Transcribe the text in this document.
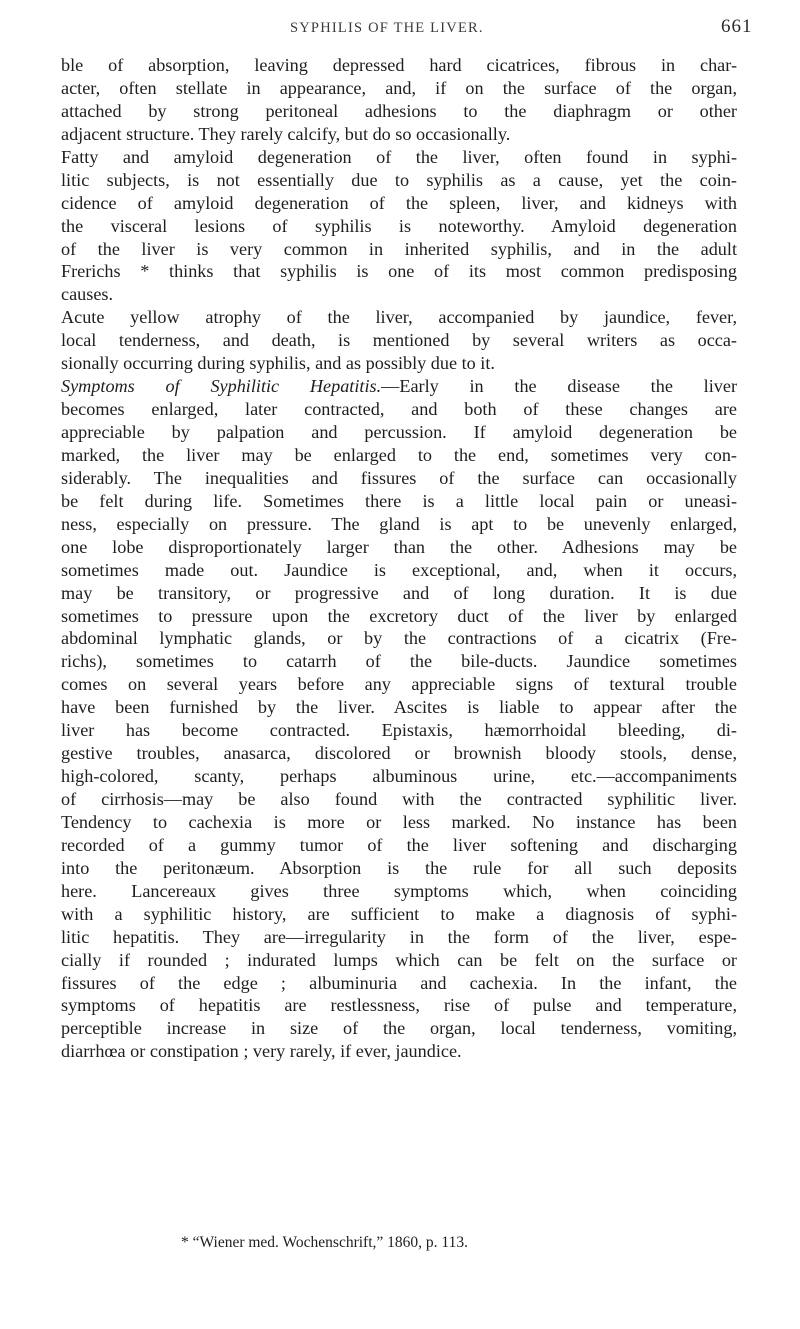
SYPHILIS OF THE LIVER.	661
ble of absorption, leaving depressed hard cicatrices, fibrous in char-
acter, often stellate in appearance, and, if on the surface of the organ,
attached by strong peritoneal adhesions to the diaphragm or other
adjacent structure. They rarely calcify, but do so occasionally.
Fatty and amyloid degeneration of the liver, often found in syphi-
litic subjects, is not essentially due to syphilis as a cause, yet the coin-
cidence of amyloid degeneration of the spleen, liver, and kidneys with
the visceral lesions of syphilis is noteworthy. Amyloid degeneration
of the liver is very common in inherited syphilis, and in the adult
Frerichs * thinks that syphilis is one of its most common predisposing
causes.
Acute yellow atrophy of the liver, accompanied by jaundice, fever,
local tenderness, and death, is mentioned by several writers as occa-
sionally occurring during syphilis, and as possibly due to it.
Symptoms of Syphilitic Hepatitis.—Early in the disease the liver
becomes enlarged, later contracted, and both of these changes are
appreciable by palpation and percussion. If amyloid degeneration be
marked, the liver may be enlarged to the end, sometimes very con-
siderably. The inequalities and fissures of the surface can occasionally
be felt during life. Sometimes there is a little local pain or uneasi-
ness, especially on pressure. The gland is apt to be unevenly enlarged,
one lobe disproportionately larger than the other. Adhesions may be
sometimes made out. Jaundice is exceptional, and, when it occurs,
may be transitory, or progressive and of long duration. It is due
sometimes to pressure upon the excretory duct of the liver by enlarged
abdominal lymphatic glands, or by the contractions of a cicatrix (Fre-
richs), sometimes to catarrh of the bile-ducts. Jaundice sometimes
comes on several years before any appreciable signs of textural trouble
have been furnished by the liver. Ascites is liable to appear after the
liver has become contracted. Epistaxis, hæmorrhoidal bleeding, di-
gestive troubles, anasarca, discolored or brownish bloody stools, dense,
high-colored, scanty, perhaps albuminous urine, etc.—accompaniments
of cirrhosis—may be also found with the contracted syphilitic liver.
Tendency to cachexia is more or less marked. No instance has been
recorded of a gummy tumor of the liver softening and discharging
into the peritonæum. Absorption is the rule for all such deposits
here. Lancereaux gives three symptoms which, when coinciding
with a syphilitic history, are sufficient to make a diagnosis of syphi-
litic hepatitis. They are—irregularity in the form of the liver, espe-
cially if rounded ; indurated lumps which can be felt on the surface or
fissures of the edge ; albuminuria and cachexia. In the infant, the
symptoms of hepatitis are restlessness, rise of pulse and temperature,
perceptible increase in size of the organ, local tenderness, vomiting,
diarrhœa or constipation ; very rarely, if ever, jaundice.
* “Wiener med. Wochenschrift,” 1860, p. 113.
